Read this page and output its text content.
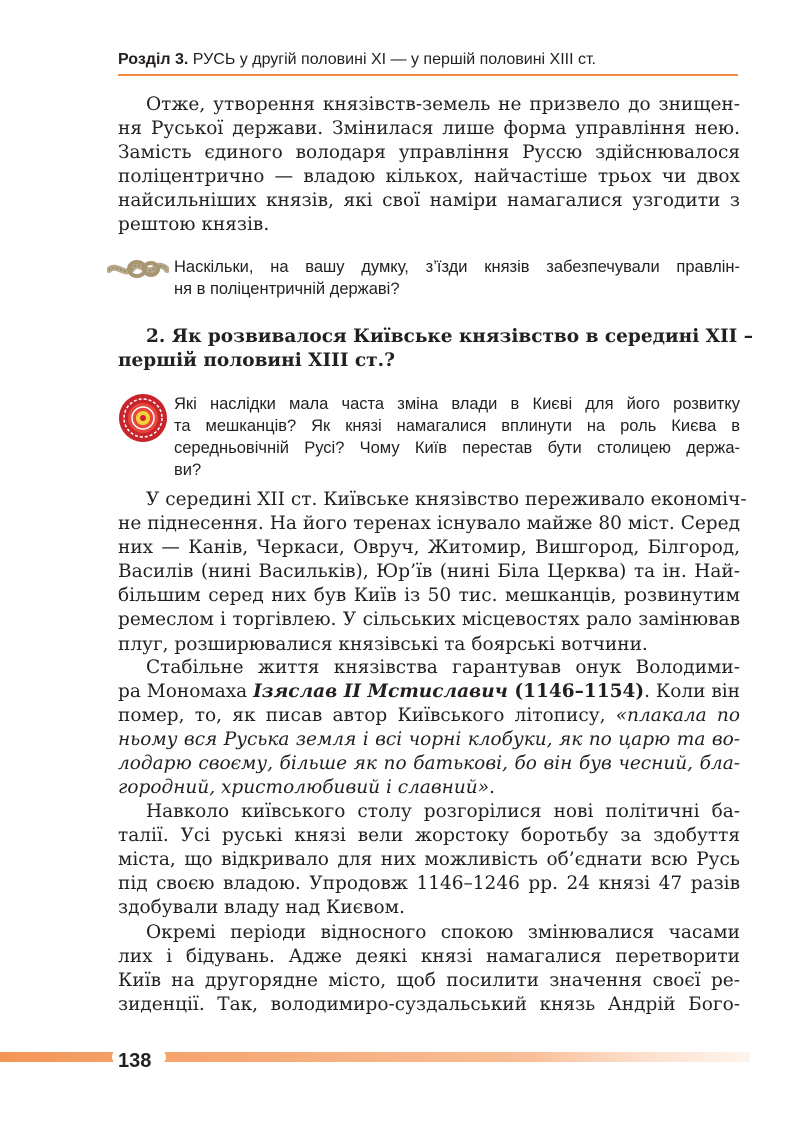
Розділ 3. РУСЬ у другій половині XI — у першій половині XIII ст.

Отже, утворення князівств-земель не призвело до знищен-
ня Руської держави. Змінилася лише форма управління нею.
Замість єдиного володаря управління Руссю здійснювалося
поліцентрично — владою кількох, найчастіше трьох чи двох
найсильніших князів, які свої наміри намагалися узгодити з
рештою князів.

Наскільки, на вашу думку, з’їзди князів забезпечували правлін-
ня в поліцентричній державі?

2. Як розвивалося Київське князівство в середині XII –
першій половині XIII ст.?

Які наслідки мала часта зміна влади в Києві для його розвитку
та мешканців? Як князі намагалися вплинути на роль Києва в
середньовічній Русі? Чому Київ перестав бути столицею держа-
ви?

У середині XII ст. Київське князівство переживало економіч-
не піднесення. На його теренах існувало майже 80 міст. Серед
них — Канів, Черкаси, Овруч, Житомир, Вишгород, Білгород,
Василів (нині Васильків), Юр’їв (нині Біла Церква) та ін. Най-
більшим серед них був Київ із 50 тис. мешканців, розвинутим
ремеслом і торгівлею. У сільських місцевостях рало замінював
плуг, розширювалися князівські та боярські вотчини.

Стабільне життя князівства гарантував онук Володими-
ра Мономаха Ізяслав II Мстиславич (1146–1154). Коли він
помер, то, як писав автор Київського літопису, «плакала по
ньому вся Руська земля і всі чорні клобуки, як по царю та во-
лодарю своєму, більше як по батькові, бо він був чесний, бла-
городний, христолюбивий і славний».

Навколо київського столу розгорілися нові політичні ба-
талії. Усі руські князі вели жорстоку боротьбу за здобуття
міста, що відкривало для них можливість об’єднати всю Русь
під своєю владою. Упродовж 1146–1246 рр. 24 князі 47 разів
здобували владу над Києвом.

Окремі періоди відносного спокою змінювалися часами
лих і бідувань. Адже деякі князі намагалися перетворити
Київ на другорядне місто, щоб посилити значення своєї ре-
зиденції. Так, володимиро-суздальський князь Андрій Бого-

138
